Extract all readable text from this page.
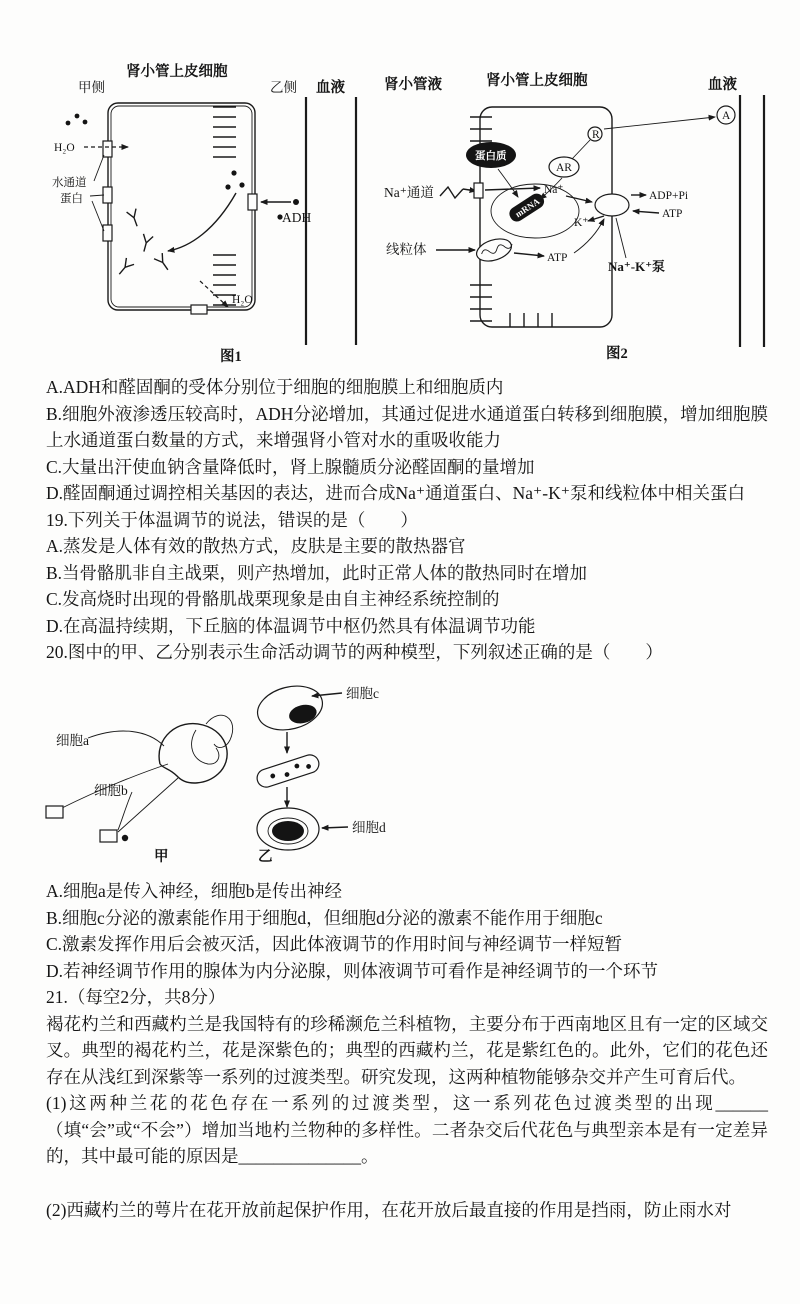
甲侧
肾小管上皮细胞
乙侧 血液
H₂O
水通道
蛋白
ADH
H₂O
图1
肾小管液	肾小管上皮细胞	血液
A
蛋白质
AR
R
Na⁺通道	Na⁺
mRNA
ADP+Pi
ATP
K⁺
线粒体
ATP
Na⁺-K⁺泵
图2

A.ADH和醛固酮的受体分别位于细胞的细胞膜上和细胞质内

B.细胞外液渗透压较高时，ADH分泌增加，其通过促进水通道蛋白转移到细胞膜，增加细胞膜上水通道蛋白数量的方式，来增强肾小管对水的重吸收能力

C.大量出汗使血钠含量降低时，肾上腺髓质分泌醛固酮的量增加

D.醛固酮通过调控相关基因的表达，进而合成Na⁺通道蛋白、Na⁺-K⁺泵和线粒体中相关蛋白

19.下列关于体温调节的说法，错误的是（　　）

A.蒸发是人体有效的散热方式，皮肤是主要的散热器官

B.当骨骼肌非自主战栗，则产热增加，此时正常人体的散热同时在增加

C.发高烧时出现的骨骼肌战栗现象是由自主神经系统控制的

D.在高温持续期，下丘脑的体温调节中枢仍然具有体温调节功能

20.图中的甲、乙分别表示生命活动调节的两种模型，下列叙述正确的是（　　）

细胞a
细胞b
甲
细胞c
细胞d
乙

A.细胞a是传入神经，细胞b是传出神经

B.细胞c分泌的激素能作用于细胞d，但细胞d分泌的激素不能作用于细胞c

C.激素发挥作用后会被灭活，因此体液调节的作用时间与神经调节一样短暂

D.若神经调节作用的腺体为内分泌腺，则体液调节可看作是神经调节的一个环节

21.（每空2分，共8分）

褐花杓兰和西藏杓兰是我国特有的珍稀濒危兰科植物，主要分布于西南地区且有一定的区域交叉。典型的褐花杓兰，花是深紫色的；典型的西藏杓兰，花是紫红色的。此外，它们的花色还存在从浅红到深紫等一系列的过渡类型。研究发现，这两种植物能够杂交并产生可育后代。

(1)这两种兰花的花色存在一系列的过渡类型，这一系列花色过渡类型的出现______（填“会”或“不会”）增加当地杓兰物种的多样性。二者杂交后代花色与典型亲本是有一定差异的，其中最可能的原因是______________。

(2)西藏杓兰的萼片在花开放前起保护作用，在花开放后最直接的作用是挡雨，防止雨水对
